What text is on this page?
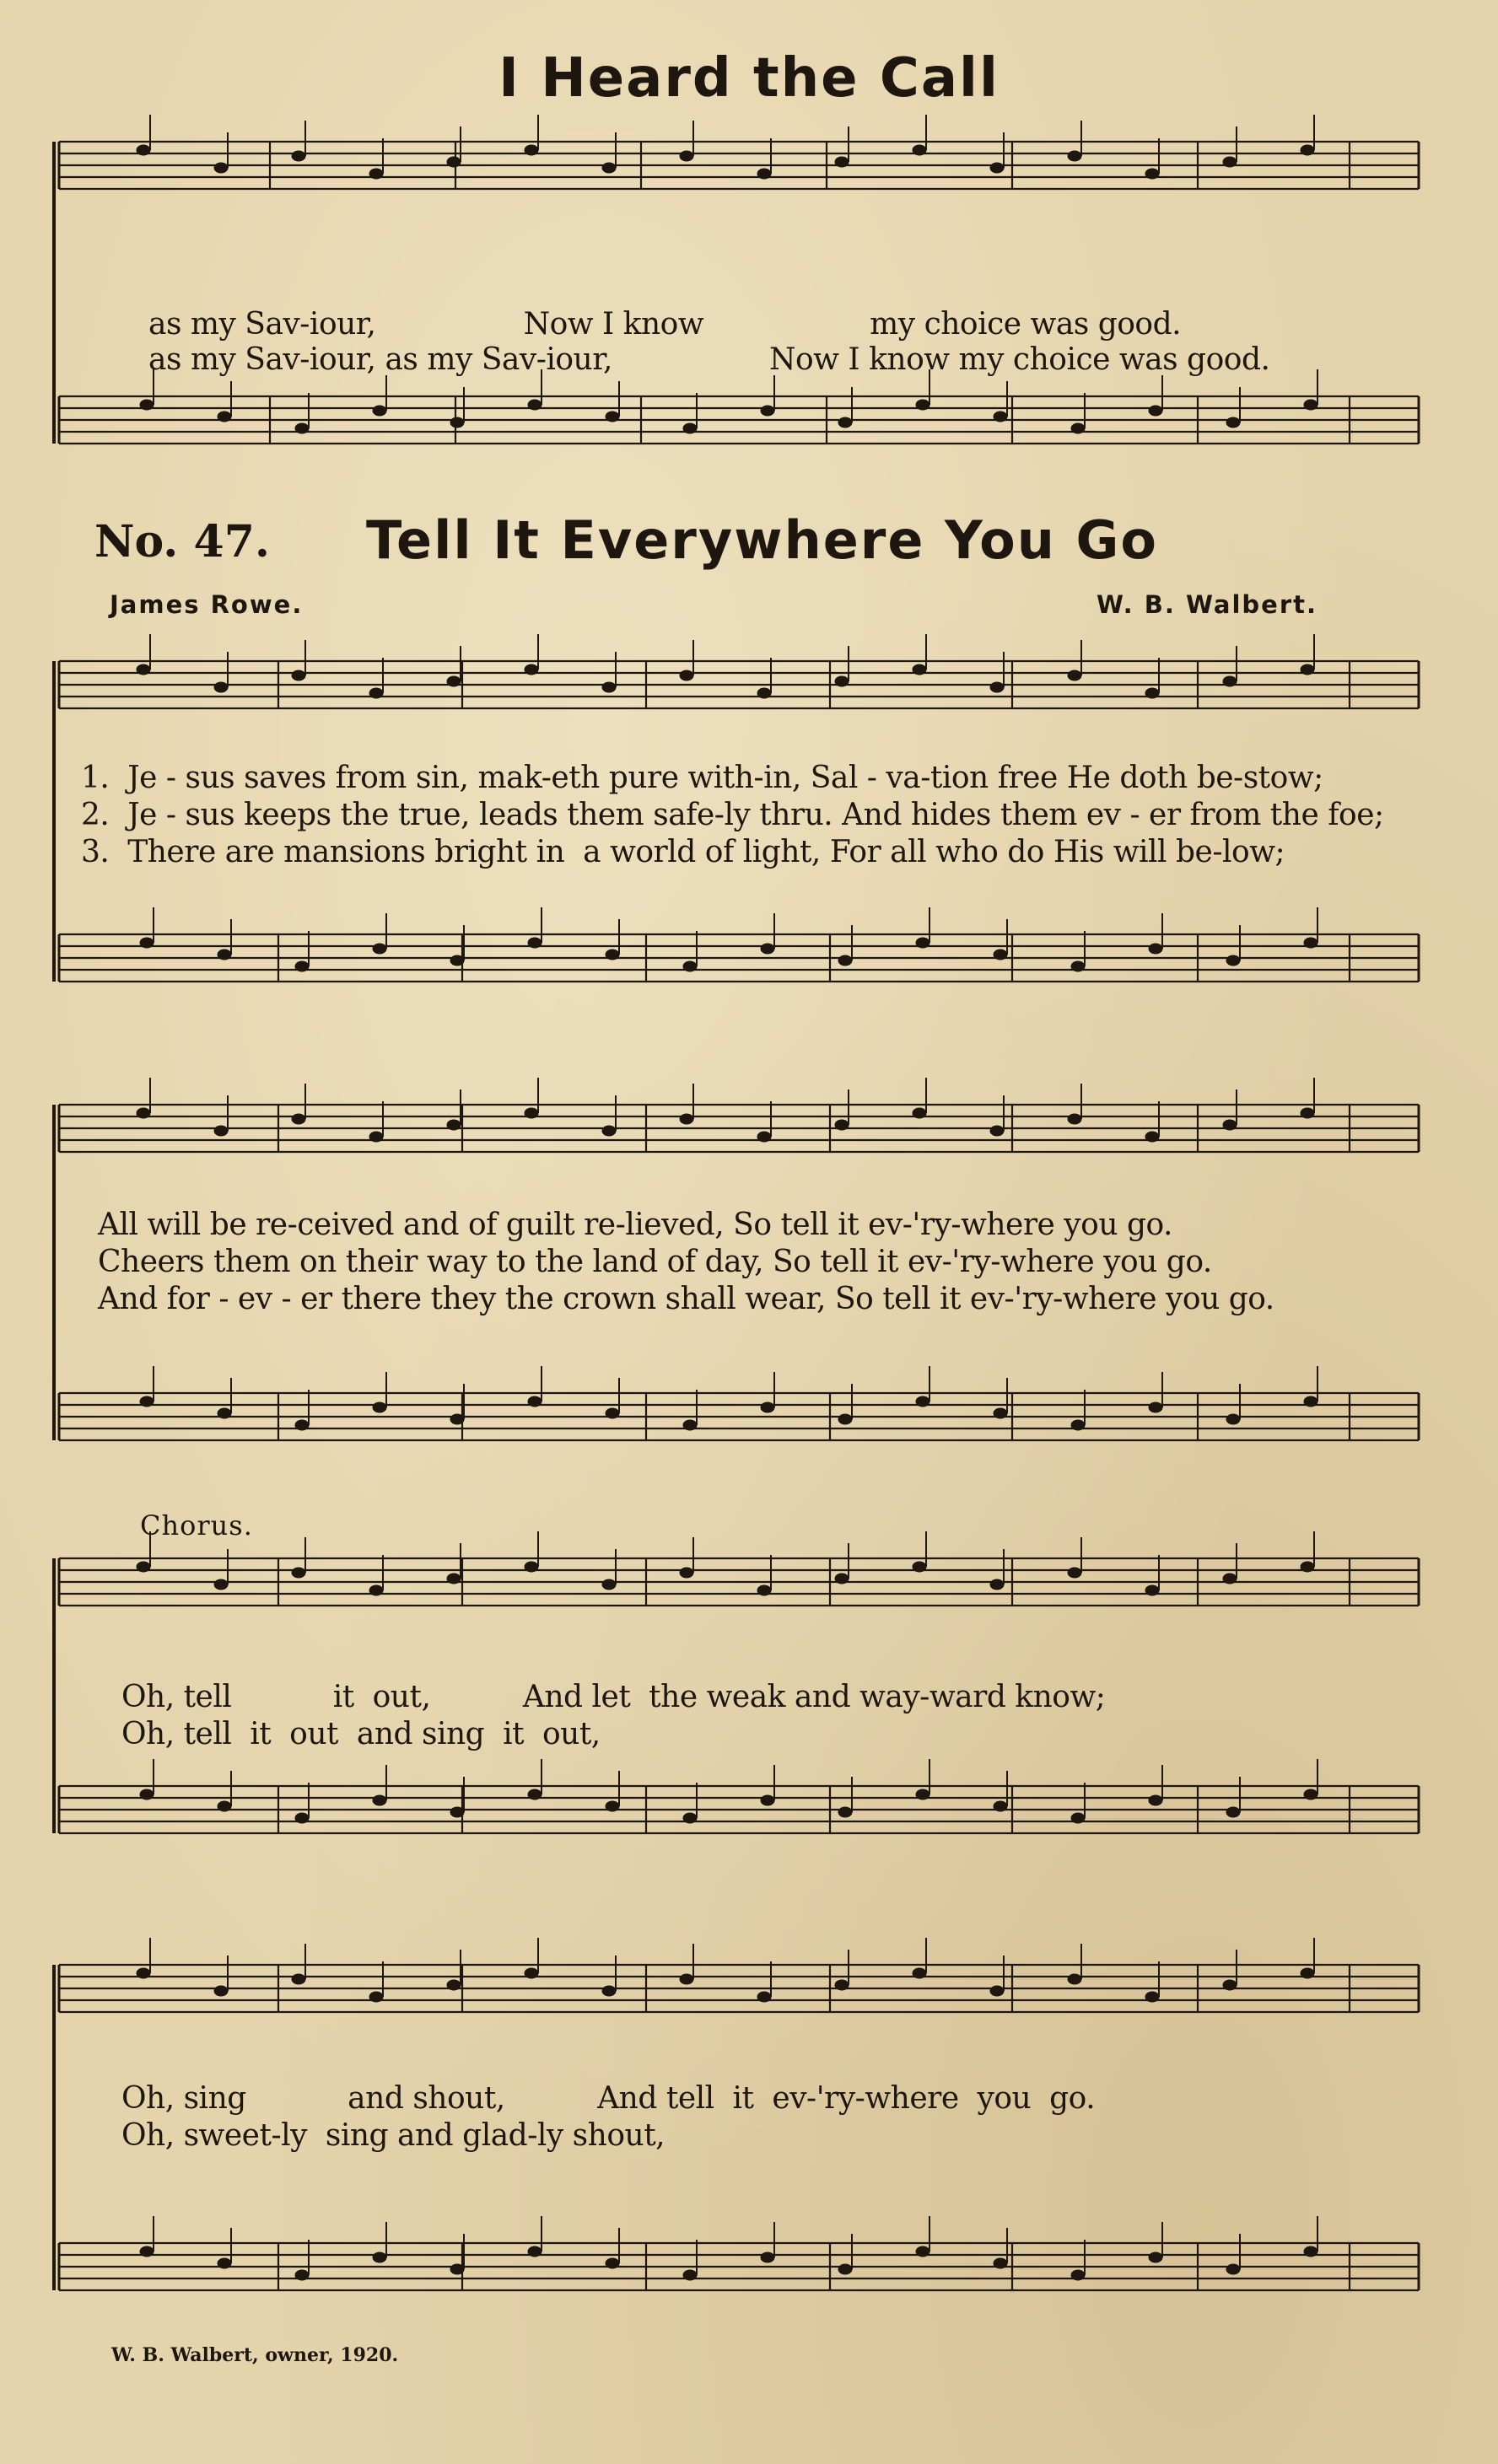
I Heard the Call
as my Sav-iour,                Now I know                  my choice was good.
as my Sav-iour, as my Sav-iour,                 Now I know my choice was good.
No. 47. Tell It Everywhere You Go
James Rowe.	W. B. Walbert.
1.  Je - sus saves from sin, mak-eth pure with-in, Sal - va-tion free He doth be-stow;
2.  Je - sus keeps the true, leads them safe-ly thru. And hides them ev - er from the foe;
3.  There are mansions bright in  a world of light, For all who do His will be-low;
All will be re-ceived and of guilt re-lieved, So tell it ev-'ry-where you go.
Cheers them on their way to the land of day, So tell it ev-'ry-where you go.
And for - ev - er there they the crown shall wear, So tell it ev-'ry-where you go.
Chorus.
Oh, tell           it  out,          And let  the weak and way-ward know;
Oh, tell  it  out  and sing  it  out,
Oh, sing           and shout,          And tell  it  ev-'ry-where  you  go.
Oh, sweet-ly  sing and glad-ly shout,
W. B. Walbert, owner, 1920.
